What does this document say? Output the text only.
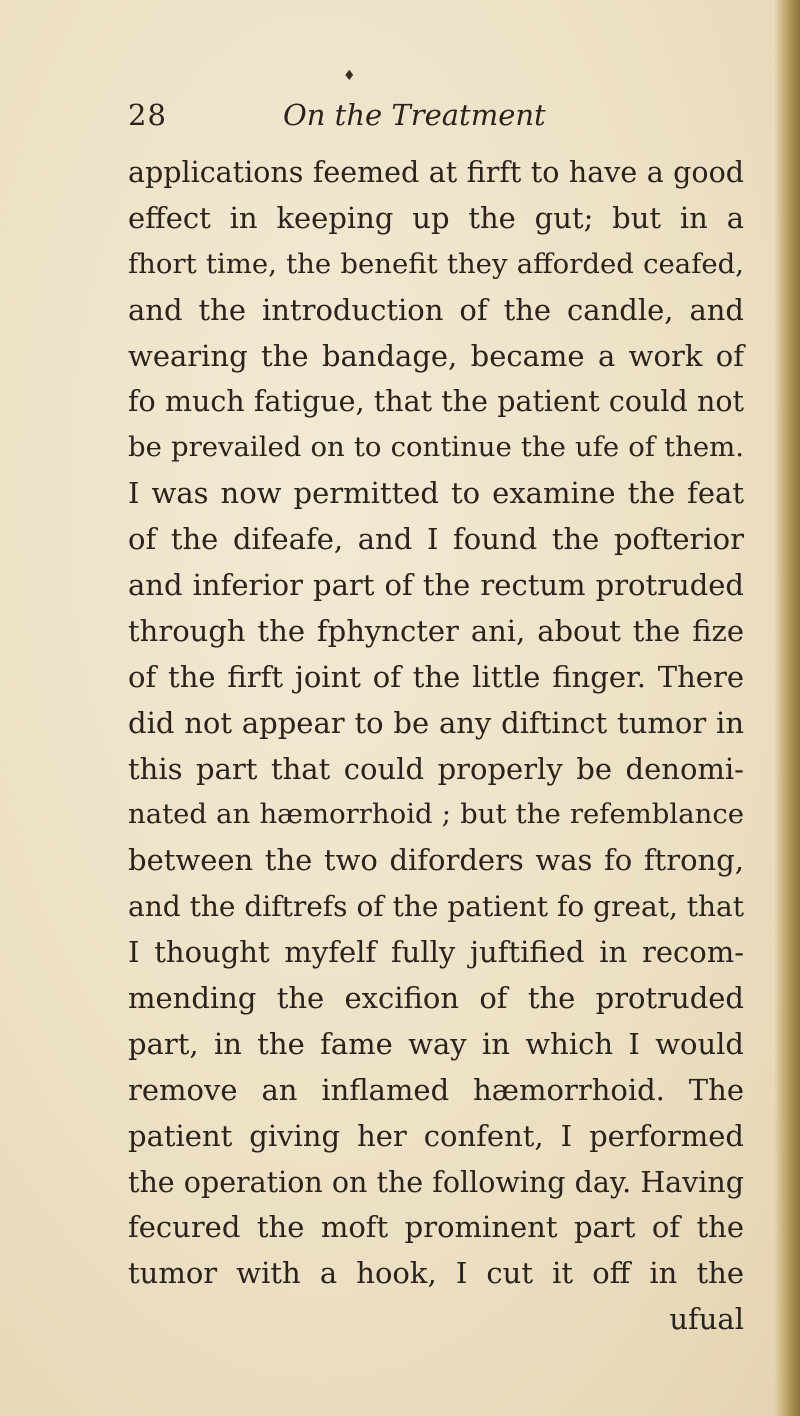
♦
28	On the Treatment
applications feemed at firft to have a good
effect in keeping up the gut; but in a
fhort time, the benefit they afforded ceafed,
and the introduction of the candle, and
wearing the bandage, became a work of
fo much fatigue, that the patient could not
be prevailed on to continue the ufe of them.
I was now permitted to examine the feat
of the difeafe, and I found the pofterior
and inferior part of the rectum protruded
through the fphyncter ani, about the fize
of the firft joint of the little finger. There
did not appear to be any diftinct tumor in
this part that could properly be denomi-
nated an hæmorrhoid ; but the refemblance
between the two diforders was fo ftrong,
and the diftrefs of the patient fo great, that
I thought myfelf fully juftified in recom-
mending the excifion of the protruded
part, in the fame way in which I would
remove an inflamed hæmorrhoid. The
patient giving her confent, I performed
the operation on the following day. Having
fecured the moft prominent part of the
tumor with a hook, I cut it off in the
ufual
